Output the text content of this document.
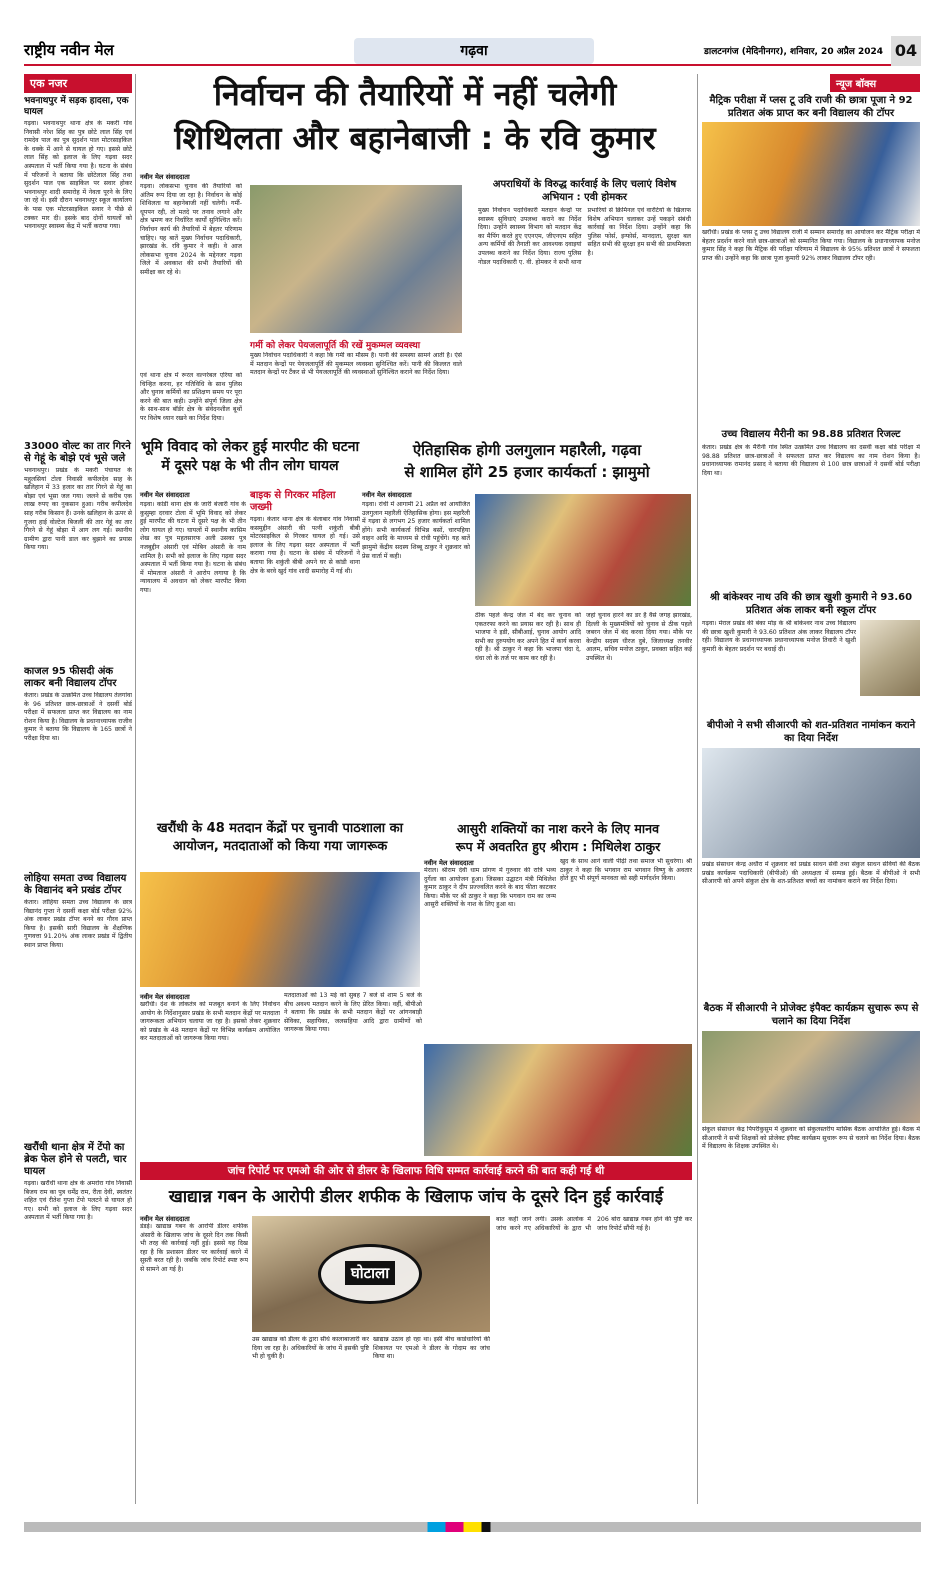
राष्ट्रीय नवीन मेल	गढ़वा	डालटनगंज (मेदिनीनगर), शनिवार, 20 अप्रैल 2024 04
एक नजर
भवनाथपुर में सड़क हादसा, एक घायल
गढ़वा। भवनाथपुर थाना क्षेत्र के मकरी गांव निवासी नरेश सिंह का पुत्र छोटे लाल सिंह एवं रामदेव पाल का पुत्र सुदर्शन पाल मोटरसाइकिल के धक्के में आने से घायल हो गए। इससे छोटे लाल सिंह को इलाज के लिए गढ़वा सदर अस्पताल में भर्ती किया गया है। घटना के संबंध में परिजनों ने बताया कि छोटेलाल सिंह तथा सुदर्शन पाल एक साइकिल पर सवार होकर भवनाथपुर शादी समारोह में नेवता पूरने के लिए जा रहे थे। इसी दौरान भवनाथपुर स्कूल कार्यालय के पास एक मोटरसाइकिल सवार ने पीछे से टक्कर मार दी। इसके बाद दोनों घायलों को भवनाथपुर स्वास्थ्य केंद्र में भर्ती कराया गया।
33000 वोल्ट का तार गिरने से गेहूं के बोझे एवं भूसे जले
भवनाथपुर। प्रखंड के मकरी पंचायत के महुलसियां टोला निवासी कपीलदेव साह के खलिहान में 33 हजार का तार गिरने से गेहूं का बोझा एवं भूसा जल गया। जलने से करीब एक लाख रुपए का नुकसान हुआ। गरीब कपीलदेव साह गरीब किसान हैं। उनके खलिहान के ऊपर से गुजरा हाई वोल्टेज बिजली की तार गेहूं का तार गिरने से गेहूं बोझा में आग लग गई। स्थानीय ग्रामीण द्वारा पानी डाल कर बुझाने का प्रयास किया गया।
काजल 95 फीसदी अंक लाकर बनी विद्यालय टॉपर
केतार। प्रखंड के उत्क्रमित उच्च विद्यालय तेलगांवा के 96 प्रतिशत छात्र-छात्राओं ने दसवीं बोर्ड परीक्षा में सफलता प्राप्त कर विद्यालय का नाम रोशन किया है। विद्यालय के प्रधानाध्यापक राजीव कुमार ने बताया कि विद्यालय के 165 छात्रों ने परीक्षा दिया था।
लोहिया समता उच्च विद्यालय के विद्यानंद बने प्रखंड टॉपर
केतार। लोहिया समता उच्च विद्यालय के छात्र विद्यानंद गुप्ता ने दसवीं कक्षा बोर्ड परीक्षा 92% अंक लाकर प्रखंड टॉपर बनने का गौरव प्राप्त किया है। इसकी सारी विद्यालय के शैक्षणिक गुणवत्ता 91.20% अंक लाकर प्रखंड में द्वितीय स्थान प्राप्त किया।
खरौंधी थाना क्षेत्र में टेंपो का ब्रेक फेल होने से पलटी, चार घायल
गढ़वा। खरौंधी थाना क्षेत्र के अमरोरा गांव निवासी बिजय राम का पुत्र धर्मेंद्र राम, रीता देवी, स्वतंतर शहित एवं रीतेश गुप्ता टेंपो पलटने से घायल हो गए। सभी को इलाज के लिए गढ़वा सदर अस्पताल में भर्ती किया गया है।
निर्वाचन की तैयारियों में नहीं चलेगी
शिथिलता और बहानेबाजी : के रवि कुमार
नवीन मेल संवाददाता
गढ़वा। लोकसभा चुनाव की तैयारियों को अंतिम रूप दिया जा रहा है। निर्वाचन के कोई शिथिलता या बहानेबाजी नहीं चलेगी। गर्मी-धूपपन रही, तो मतदे पर तनाव लगाने और क्षेत्र भ्रमण कर निर्धारित कार्यों सुनिश्चित करें। निर्वाचन कार्य की तैयारियों में बेहतर परिणाम चाहिए। यह बातें मुख्य निर्वाचन पदाधिकारी, झारखंड के. रवि कुमार ने कही। वे आज लोकसभा चुनाव 2024 के मद्देनजर गढ़वा जिले में अवकाश की सभी तैयारियों की समीक्षा कर रहे थे।
गर्मी को लेकर पेयजलापूर्ति की रखें मुकम्मल व्यवस्था
मुख्य निर्वाचन पदाधिकारी ने कहा कि गर्मी का मौसम है। पानी की समस्या सामने आती है। ऐसे में मतदान केन्द्रों पर पेयजलापूर्ति की मुकम्मल व्यवस्था सुनिश्चित करें। पानी की किल्लत वाले मतदान केन्द्रों पर टैंकर से भी पेयजलापूर्ति की व्यवस्थाओं सुनिश्चित कराने का निर्देश दिया।
एवं थाना क्षेत्र में रूरल वल्नरेबल एरिया को चिन्हित करना, हर गतिविधि के साथ पुलिस और चुनाव कर्मियों का प्रशिक्षण समय पर पूरा करने की बात कही। उन्होंने संपूर्ण जिला क्षेत्र के साथ-साथ बॉर्डर क्षेत्र के संवेदनशील बूथों पर विशेष ध्यान रखने का निर्देश दिया।
अपराधियों के विरुद्ध कार्रवाई के लिए चलाएं विशेष अभियान : एवी होमकर
मुख्य निर्वाचन पदाधिकारी मतदान केन्द्रों पर स्वास्थ्य सुविधाएं उपलब्ध कराने का निर्देश दिया। उन्होंने स्वास्थ्य विभाग को मतदान केंद्र का मैपिंग करते हुए एएनएम, जीएनएम सहित अन्य कर्मियों की तैनाती कर आवश्यक दवाइयां उपलब्ध कराने का निर्देश दिया। राज्य पुलिस नोडल पदाधिकारी ए. वी. होमकर ने सभी थाना प्रभारियों से क्रिमिनल एवं वारंटियों के खिलाफ विशेष अभियान चलाकर उन्हें पकड़ने संबंधी कार्रवाई का निर्देश दिया। उन्होंने कहा कि पुलिस फोर्स, इन्फोर्स, मानदाता, सुरक्षा बल सहित सभी की सुरक्षा हम सभी की प्राथमिकता है।
भूमि विवाद को लेकर हुई मारपीट की घटना में दूसरे पक्ष के भी तीन लोग घायल
नवीन मेल संवाददाता
गढ़वा। कांडी थाना क्षेत्र के जारी बंजारी गांव के कुसुम्हा दरवार टोला में भूमि विवाद को लेकर हुई मारपीट की घटना में दूसरे पक्ष के भी तीन लोग घायल हो गए। घायलों में स्थानीय कासिम शेख का पुत्र महतसारफ अली उसका पुत्र नजबुद्दीन अंसारी एवं मोबिन अंसारी के नाम शामिल है। सभी को इलाज के लिए गढ़वा सदर अस्पताल में भर्ती किया गया है। घटना के संबंध में मोमताज अंसारी ने आरोप लगाया है कि न्यायालय में अवधान को लेकर मारपीट किया गया।
बाइक से गिरकर महिला जख्मी
गढ़वा। केतार थाना क्षेत्र के बेलाबार गांव निवासी कसमुद्दीन अंसारी की पत्नी शकुंती बीबी मोटरसाइकिल से गिरकर घायल हो गई। उसे इलाज के लिए गढ़वा सदर अस्पताल में भर्ती कराया गया है। घटना के संबंध में परिजनों ने बताया कि शकुंती बीबी अपने घर से कांडी थाना क्षेत्र के बरवे खुर्द गांव शादी समारोह में गई थी।
ऐतिहासिक होगी उलगुलान महारैली, गढ़वा
से शामिल होंगे 25 हजार कार्यकर्ता : झामुमो
नवीन मेल संवाददाता
गढ़वा। रांची में आगामी 21 अप्रैल को आयोजित उलगुलान महारैली ऐतिहासिक होगा। इस महारैली में गढ़वा से लगभग 25 हजार कार्यकर्ता शामिल होंगे। सभी कार्यकर्ता विभिन्न बसों, चारपहिया वाहन आदि के माध्यम से रांची पहुंचेंगे। यह बातें झामुमो केंद्रीय सदस्य शिब्बू ठाकुर ने शुक्रवार को प्रेस वार्ता में कही।
ठीक पहले केन्द्र जेल में बंद कर चुनाव को एकतरफा करने का प्रयास कर रही है। साथ ही भाजपा ने इडी, सीबीआई, चुनाव आयोग आदि सभी का दुरुपयोग कर अपने हित में कार्य करवा रही है। श्री ठाकुर ने कहा कि भाजपा चंदा दे, धंधा लो के तर्ज पर काम कर रही है।
जहां चुनाव हारने का डर है वैसे जगह झारखंड, दिल्ली के मुख्यमंत्रियों को चुनाव से ठीक पहले जबरन जेल में बंद करवा दिया गया। मौके पर केन्द्रीय सदस्य धीरज दुबे, जिलाध्यक्ष तनवीर आलम, सचिव मनोज ठाकुर, प्रवक्ता सहित कई उपस्थित थे।
खरौंधी के 48 मतदान केंद्रों पर चुनावी पाठशाला का आयोजन, मतदाताओं को किया गया जागरूक
नवीन मेल संवाददाता
खरौंधी। देश के लोकतंत्र को मजबूत बनाने के लिए निर्वाचन आयोग के निर्देशानुसार प्रखंड के सभी मतदान केंद्रों पर मतदाता जागरूकता अभियान चलाया जा रहा है। इसको लेकर शुक्रवार को प्रखंड के 48 मतदान केंद्रों पर विभिन्न कार्यक्रम आयोजित कर मतदाताओं को जागरूक किया गया।
मतदाताओं को 13 मई को सुबह 7 बजे से शाम 5 बजे के बीच अवश्य मतदान करने के लिए प्रेरित किया। वहीं, बीपीओ ने बताया कि प्रखंड के सभी मतदान केंद्रों पर आंगनबाड़ी सेविका, सहायिका, जलसहिया आदि द्वारा ग्रामीणों को जागरूक किया गया।
आसुरी शक्तियों का नाश करने के लिए मानव
रूप में अवतरित हुए श्रीराम : मिथिलेश ठाकुर
नवीन मेल संवाददाता
मेराल। श्रीराम देवी धाम प्रांगण में गुरुवार की रात्रि भव्य दुर्गेला का आयोजन हुआ। जिसका उद्घाटन मंत्री मिथिलेश कुमार ठाकुर ने दीप प्रज्ज्वलित करने के बाद फीता काटकर किया। मौके पर श्री ठाकुर ने कहा कि भगवान राम का जन्म आसुरी शक्तियों के नाश के लिए हुआ था।
खुद के साथ आने वाली पीढ़ी तथा समाज भी सुधरेगा। श्री ठाकुर ने कहा कि भगवान राम भगवान विष्णु के अवतार होते हुए भी संपूर्ण मानवता को सही मार्गदर्शन किया।
जांच रिपोर्ट पर एमओ की ओर से डीलर के खिलाफ विधि सम्मत कार्रवाई करने की बात कही गई थी
खाद्यान्न गबन के आरोपी डीलर शफीक के खिलाफ जांच के दूसरे दिन हुई कार्रवाई
नवीन मेल संवाददाता
डंडई। खाद्यान्न गबन के आरोपी डीलर शफीक अंसारी के खिलाफ जांच के दूसरे दिन तक किसी भी तरह की कार्रवाई नहीं हुई। इससे यह दिख रहा है कि प्रशासन डीलर पर कार्रवाई करने में सुस्ती बरत रही है। जबकि जांच रिपोर्ट स्पष्ट रूप से सामने आ गई है।	घोटाला
उस खाद्यान्न को डीलर के द्वारा सीधे कालाबाजारी कर दिया जा रहा है। अधिकारियों के जांच में इसकी पुष्टि भी हो चुकी है।
खाद्यान्न उठाव हो रहा था। इसी बीच कार्डधारियों की शिकायत पर एमओ ने डीलर के गोदाम का जांच किया था।
बात कही जाने लगी। उसके आलोक में जांच करने गए अधिकारियों के द्वारा भी 206 बोरा खाद्यान्न गबन होने की पुष्टि कर जांच रिपोर्ट सौंपी गई है।
न्यूज बॉक्स
मैट्रिक परीक्षा में प्लस टू उवि राजी की छात्रा पूजा ने 92 प्रतिशत अंक प्राप्त कर बनी विद्यालय की टॉपर
खरौंधी। प्रखंड के प्लस टू उच्च विद्यालय राजी में सम्मान समारोह का आयोजन कर मैट्रिक परीक्षा में बेहतर प्रदर्शन करने वाले छात्र-छात्राओं को सम्मानित किया गया। विद्यालय के प्रधानाध्यापक मनोज कुमार सिंह ने कहा कि मैट्रिक की परीक्षा परिणाम में विद्यालय के 95% प्रतिशत छात्रों ने सफलता प्राप्त की। उन्होंने कहा कि छात्रा पूजा कुमारी 92% लाकर विद्यालय टॉपर रही।
उच्च विद्यालय मैरीनी का 98.88 प्रतिशत रिजल्ट
केतार। प्रखंड क्षेत्र के मैरीनी गांव स्थित उत्क्रमित उच्च विद्यालय का दसवीं कक्षा बोर्ड परीक्षा में 98.88 प्रतिशत छात्र-छात्राओं ने सफलता प्राप्त कर विद्यालय का नाम रोशन किया है। प्रधानाध्यापक रामानंद प्रसाद ने बताया की विद्यालय से 100 छात्र छात्राओं ने दसवीं बोर्ड परीक्षा दिया था।
श्री बांकेश्वर नाथ उवि की छात्र खुशी कुमारी ने 93.60 प्रतिशत अंक लाकर बनी स्कूल टॉपर
गढ़वा। मेराल प्रखंड की बंका मोड़ के श्री बांकेश्वर नाथ उच्च विद्यालय की छात्रा खुशी कुमारी ने 93.60 प्रतिशत अंक लाकर विद्यालय टॉपर रही। विद्यालय के प्रधानाध्यापक प्रधानाध्यापक मनोज तिवारी ने खुशी कुमारी के बेहतर प्रदर्शन पर बधाई दी।
बीपीओ ने सभी सीआरपी को शत-प्रतिशत नामांकन कराने का दिया निर्देश
प्रखंड संसाधन केन्द्र अधौरा में शुक्रवार को प्रखंड साधन सेवी तथा संकुल साधन सेवियों की बैठक प्रखंड कार्यक्रम पदाधिकारी (बीपीओ) की अध्यक्षता में सम्पन्न हुई। बैठक में बीपीओ ने सभी सीआरपी को अपने संकुल क्षेत्र के शत-प्रतिशत बच्चों का नामांकन कराने का निर्देश दिया।
बैठक में सीआरपी ने प्रोजेक्ट इंपैक्ट कार्यक्रम सुचारू रूप से चलाने का दिया निर्देश
संकुल संसाधन केंद्र पिपरीकुसुम में शुक्रवार को संकुलस्तरीय मासिक बैठक आयोजित हुई। बैठक में सीआरपी ने सभी शिक्षकों को प्रोजेक्ट इंपैक्ट कार्यक्रम सुचारू रूप से चलाने का निर्देश दिया। बैठक में विद्यालय के शिक्षक उपस्थित थे।
